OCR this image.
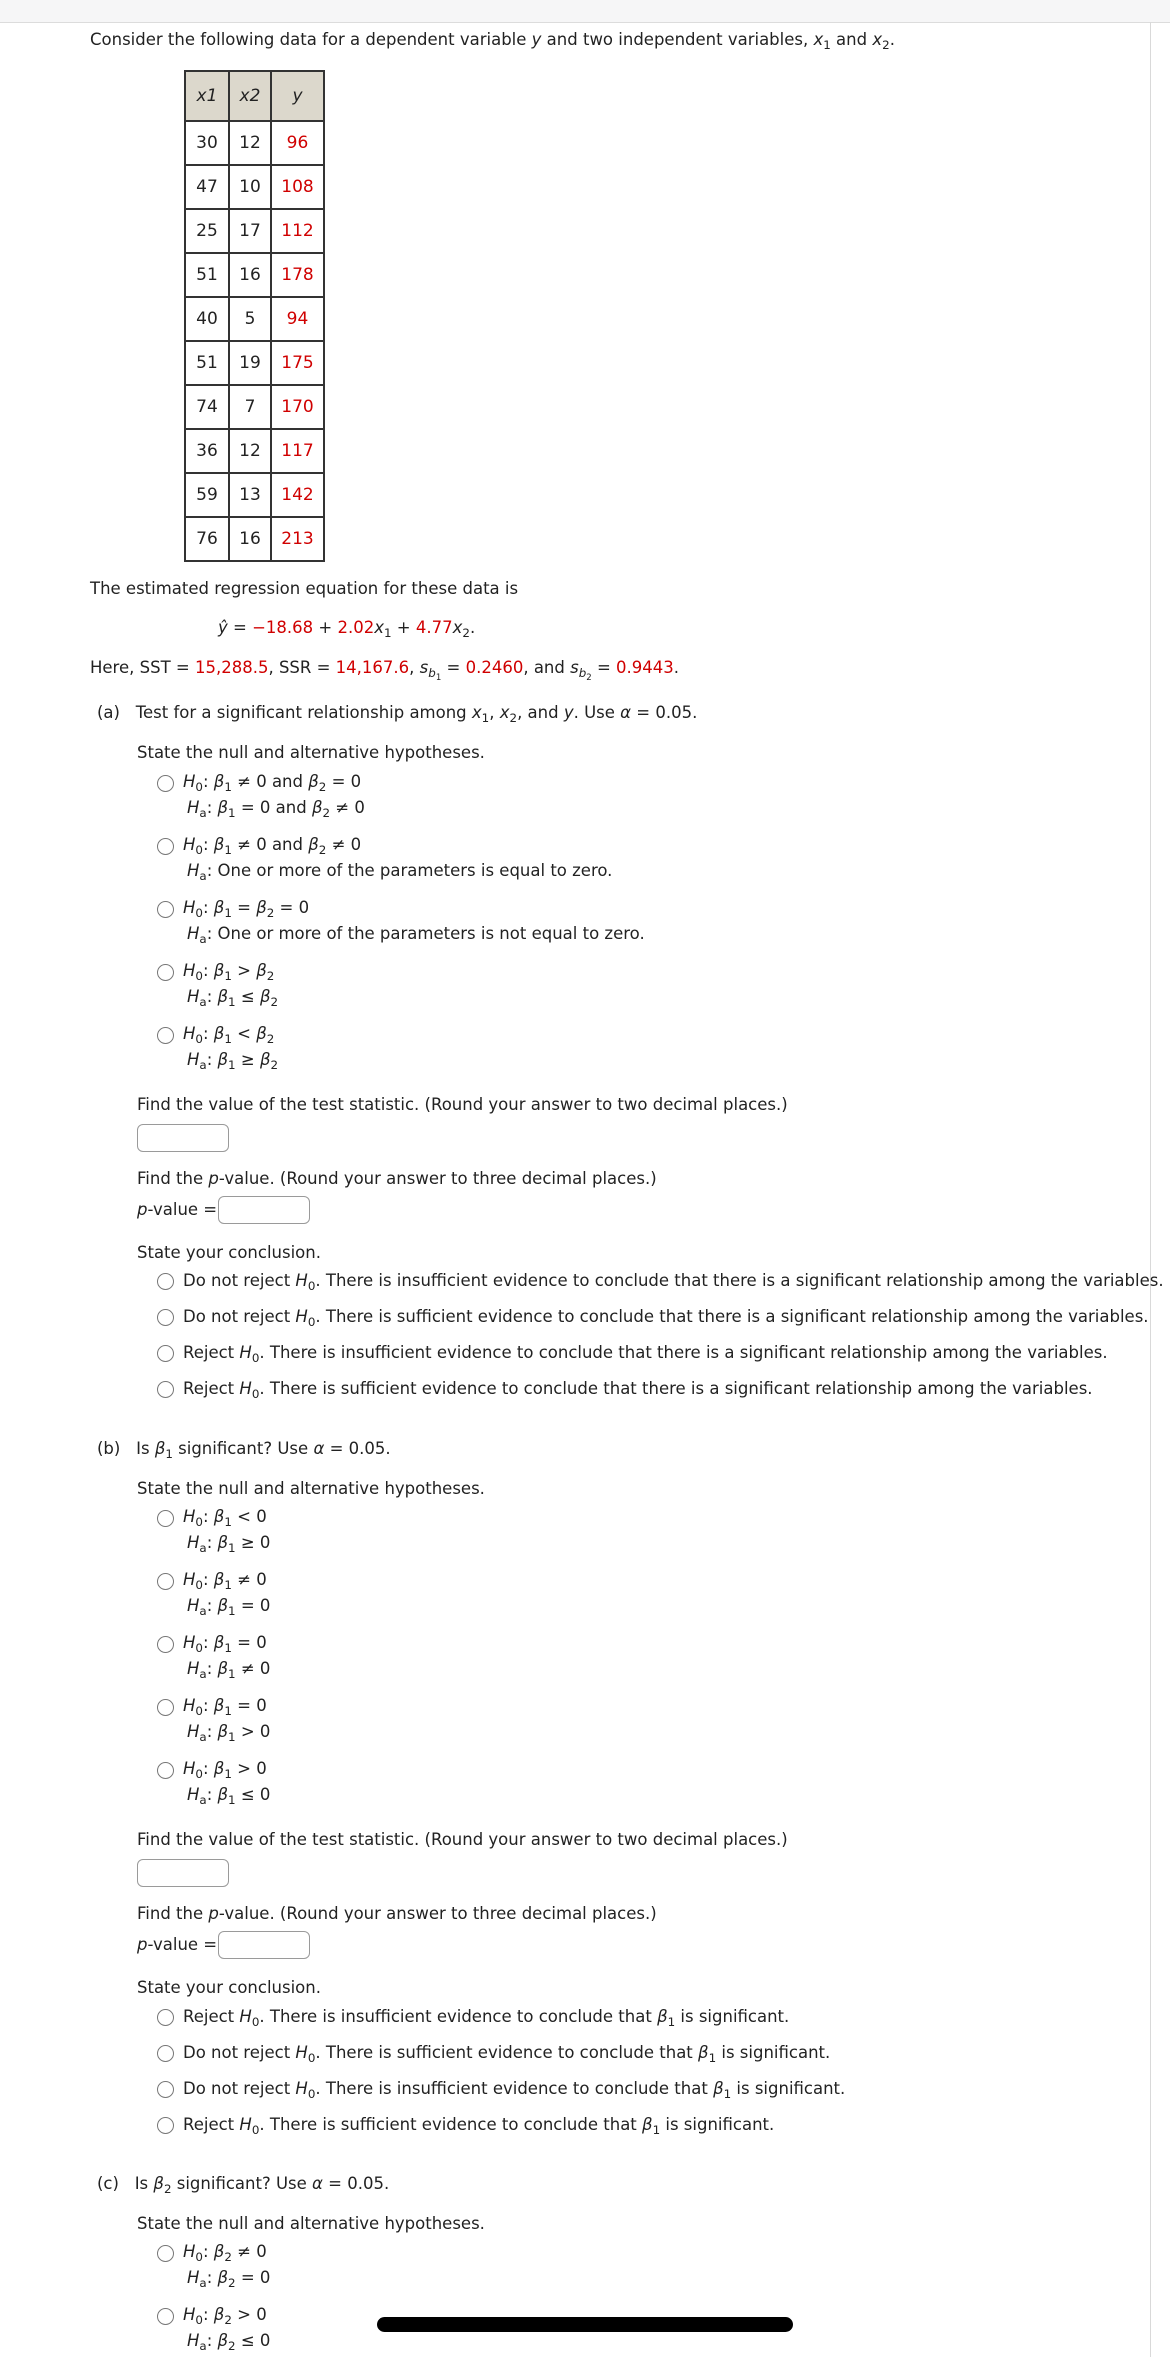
Consider the following data for a dependent variable y and two independent variables, $x_1$ and $x_2$.
x1	x2	y
30	12	96
47	10	108
25	17	112
51	16	178
40	5	94
51	19	175
74	7	170
36	12	117
59	13	142
76	16	213
The estimated regression equation for these data is
ŷ = $-18.68 + 2.02x_1 + 4.77x_2$.
Here, SST = 15,288.5, SSR = 14,167.6, $s_{b_1} = 0.2460$, and $s_{b_2} = 0.9443$.
(a) Test for a significant relationship among $x_1$, $x_2$, and y. Use α = 0.05.
State the null and alternative hypotheses.
$H_0$: $\beta_1 \ne 0$ and $\beta_2 = 0$
$H_a$: $\beta_1 = 0$ and $\beta_2 \ne 0$
$H_0$: $\beta_1 \ne 0$ and $\beta_2 \ne 0$
$H_a$: One or more of the parameters is equal to zero.
$H_0$: $\beta_1 = \beta_2 = 0$
$H_a$: One or more of the parameters is not equal to zero.
$H_0$: $\beta_1 > \beta_2$
$H_a$: $\beta_1 \le \beta_2$
$H_0$: $\beta_1 < \beta_2$
$H_a$: $\beta_1 \ge \beta_2$
Find the value of the test statistic. (Round your answer to two decimal places.)
Find the p-value. (Round your answer to three decimal places.)
p-value =
State your conclusion.
Do not reject $H_0$. There is insufficient evidence to conclude that there is a significant relationship among the variables.
Do not reject $H_0$. There is sufficient evidence to conclude that there is a significant relationship among the variables.
Reject $H_0$. There is insufficient evidence to conclude that there is a significant relationship among the variables.
Reject $H_0$. There is sufficient evidence to conclude that there is a significant relationship among the variables.
(b)   Is $\beta_1$ significant? Use α = 0.05.
State the null and alternative hypotheses.
$H_0$: $\beta_1 < 0$
$H_a$: $\beta_1 \ge 0$
$H_0$: $\beta_1 \ne 0$
$H_a$: $\beta_1 = 0$
$H_0$: $\beta_1 = 0$
$H_a$: $\beta_1 \ne 0$
$H_0$: $\beta_1 = 0$
$H_a$: $\beta_1 > 0$
$H_0$: $\beta_1 > 0$
$H_a$: $\beta_1 \le 0$
Find the value of the test statistic. (Round your answer to two decimal places.)
Find the p-value. (Round your answer to three decimal places.)
p-value =
State your conclusion.
Reject $H_0$. There is insufficient evidence to conclude that $\beta_1$ is significant.
Do not reject $H_0$. There is sufficient evidence to conclude that $\beta_1$ is significant.
Do not reject $H_0$. There is insufficient evidence to conclude that $\beta_1$ is significant.
Reject $H_0$. There is sufficient evidence to conclude that $\beta_1$ is significant.
(c)   Is $\beta_2$ significant? Use α = 0.05.
State the null and alternative hypotheses.
$H_0$: $\beta_2 \ne 0$
$H_a$: $\beta_2 = 0$
$H_0$: $\beta_2 > 0$
$H_a$: $\beta_2 \le 0$
